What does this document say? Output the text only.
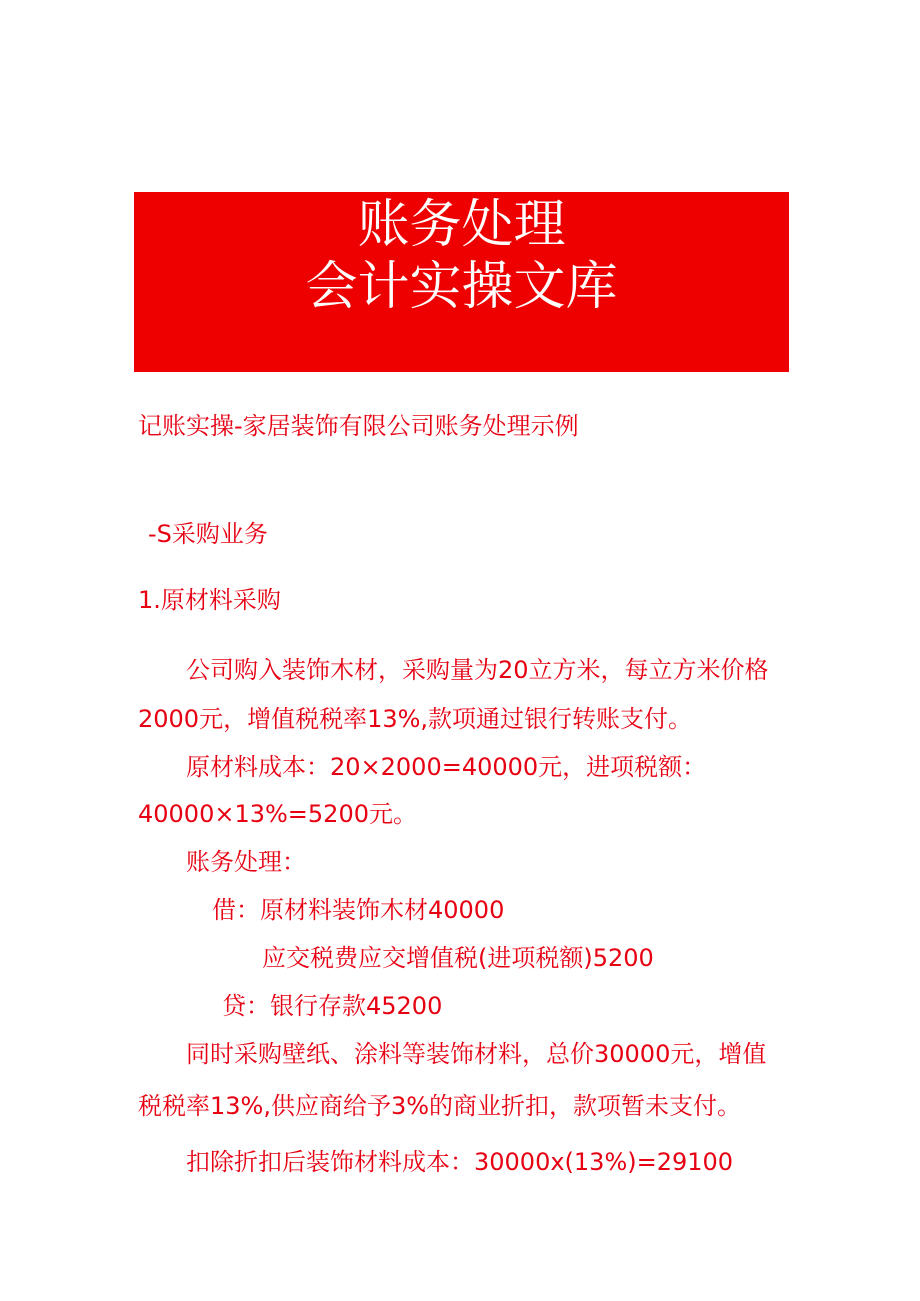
账务处理
会计实操文库
记账实操-家居装饰有限公司账务处理示例
-S采购业务
1.原材料采购
公司购入装饰木材，采购量为20立方米，每立方米价格
2000元，增值税税率13%,款项通过银行转账支付。
原材料成本：20×2000=40000元，进项税额：
40000×13%=5200元。
账务处理：
借：原材料装饰木材40000
应交税费应交增值税(进项税额)5200
贷：银行存款45200
同时采购壁纸、涂料等装饰材料，总价30000元，增值
税税率13%,供应商给予3%的商业折扣，款项暂未支付。
扣除折扣后装饰材料成本：30000x(13%)=29100
